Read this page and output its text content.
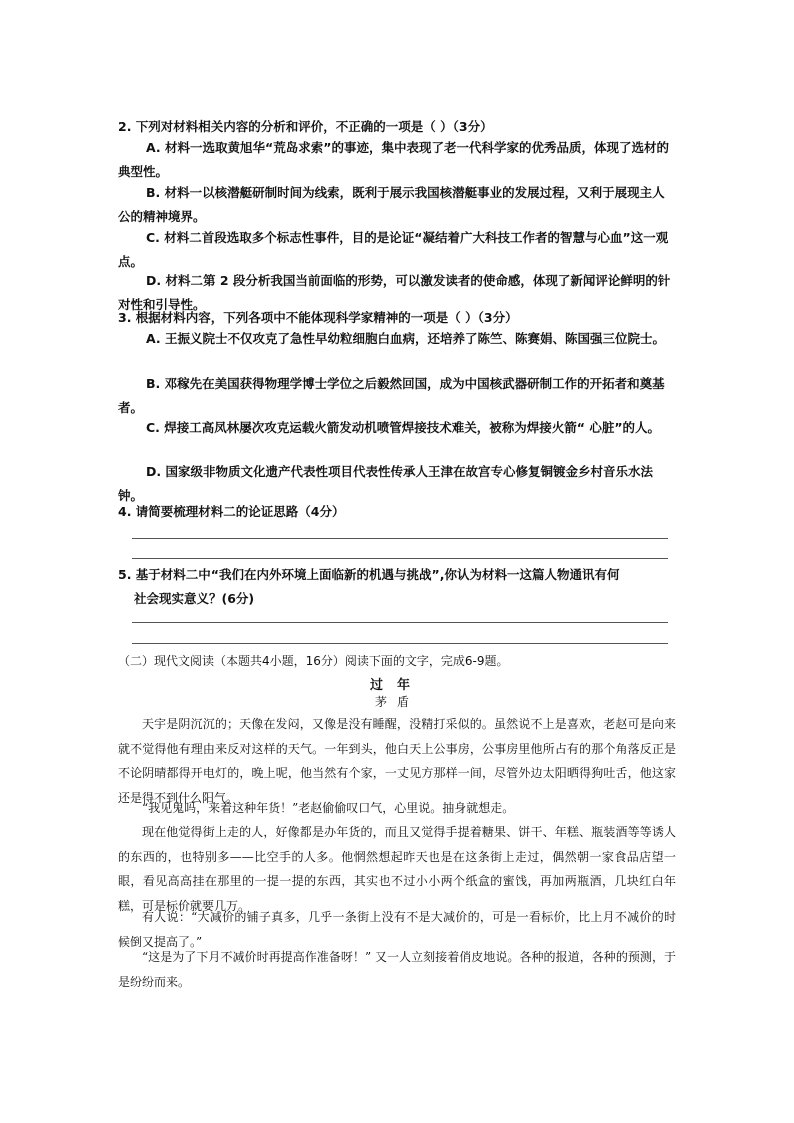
2. 下列对材料相关内容的分析和评价，不正确的一项是（ ）（3分）

A. 材料一选取黄旭华“荒岛求索”的事迹，集中表现了老一代科学家的优秀品质，体现了选材的典型性。

B. 材料一以核潜艇研制时间为线索，既利于展示我国核潜艇事业的发展过程，又利于展现主人公的精神境界。

C. 材料二首段选取多个标志性事件，目的是论证“凝结着广大科技工作者的智慧与心血”这一观点。

D. 材料二第 2 段分析我国当前面临的形势，可以激发读者的使命感，体现了新闻评论鲜明的针对性和引导性。

3. 根据材料内容，下列各项中不能体现科学家精神的一项是（ ）（3分）

A. 王振义院士不仅攻克了急性早幼粒细胞白血病，还培养了陈竺、陈赛娟、陈国强三位院士。

B. 邓稼先在美国获得物理学博士学位之后毅然回国，成为中国核武器研制工作的开拓者和奠基者。

C. 焊接工高凤林屡次攻克运载火箭发动机喷管焊接技术难关，被称为焊接火箭“ 心脏”的人。

D. 国家级非物质文化遗产代表性项目代表性传承人王津在故宫专心修复铜镀金乡村音乐水法钟。

4. 请简要梳理材料二的论证思路（4分）

5. 基于材料二中“我们在内外环境上面临新的机遇与挑战”,你认为材料一这篇人物通讯有何
社会现实意义？(6分)

（二）现代文阅读（本题共4小题，16分）阅读下面的文字，完成6-9题。

过年

茅盾

天宇是阴沉沉的；天像在发闷，又像是没有睡醒，没精打采似的。虽然说不上是喜欢，老赵可是向来就不觉得他有理由来反对这样的天气。一年到头，他白天上公事房，公事房里他所占有的那个角落反正是不论阴晴都得开电灯的，晚上呢，他当然有个家，一丈见方那样一间，尽管外边太阳晒得狗吐舌，他这家还是得不到什么阳气。

“我见鬼吗，来着这种年货！”老赵偷偷叹口气，心里说。抽身就想走。

现在他觉得街上走的人，好像都是办年货的，而且又觉得手提着糖果、饼干、年糕、瓶装酒等等诱人的东西的，也特别多——比空手的人多。他惘然想起昨天也是在这条街上走过，偶然朝一家食品店望一眼，看见高高挂在那里的一提一提的东西，其实也不过小小两个纸盒的蜜饯，再加两瓶酒，几块红白年糕，可是标价就要几万。

有人说：“大减价的铺子真多，几乎一条街上没有不是大减价的，可是一看标价，比上月不减价的时候倒又提高了。”

“这是为了下月不减价时再提高作准备呀！” 又一人立刻接着俏皮地说。各种的报道，各种的预测，于是纷纷而来。
